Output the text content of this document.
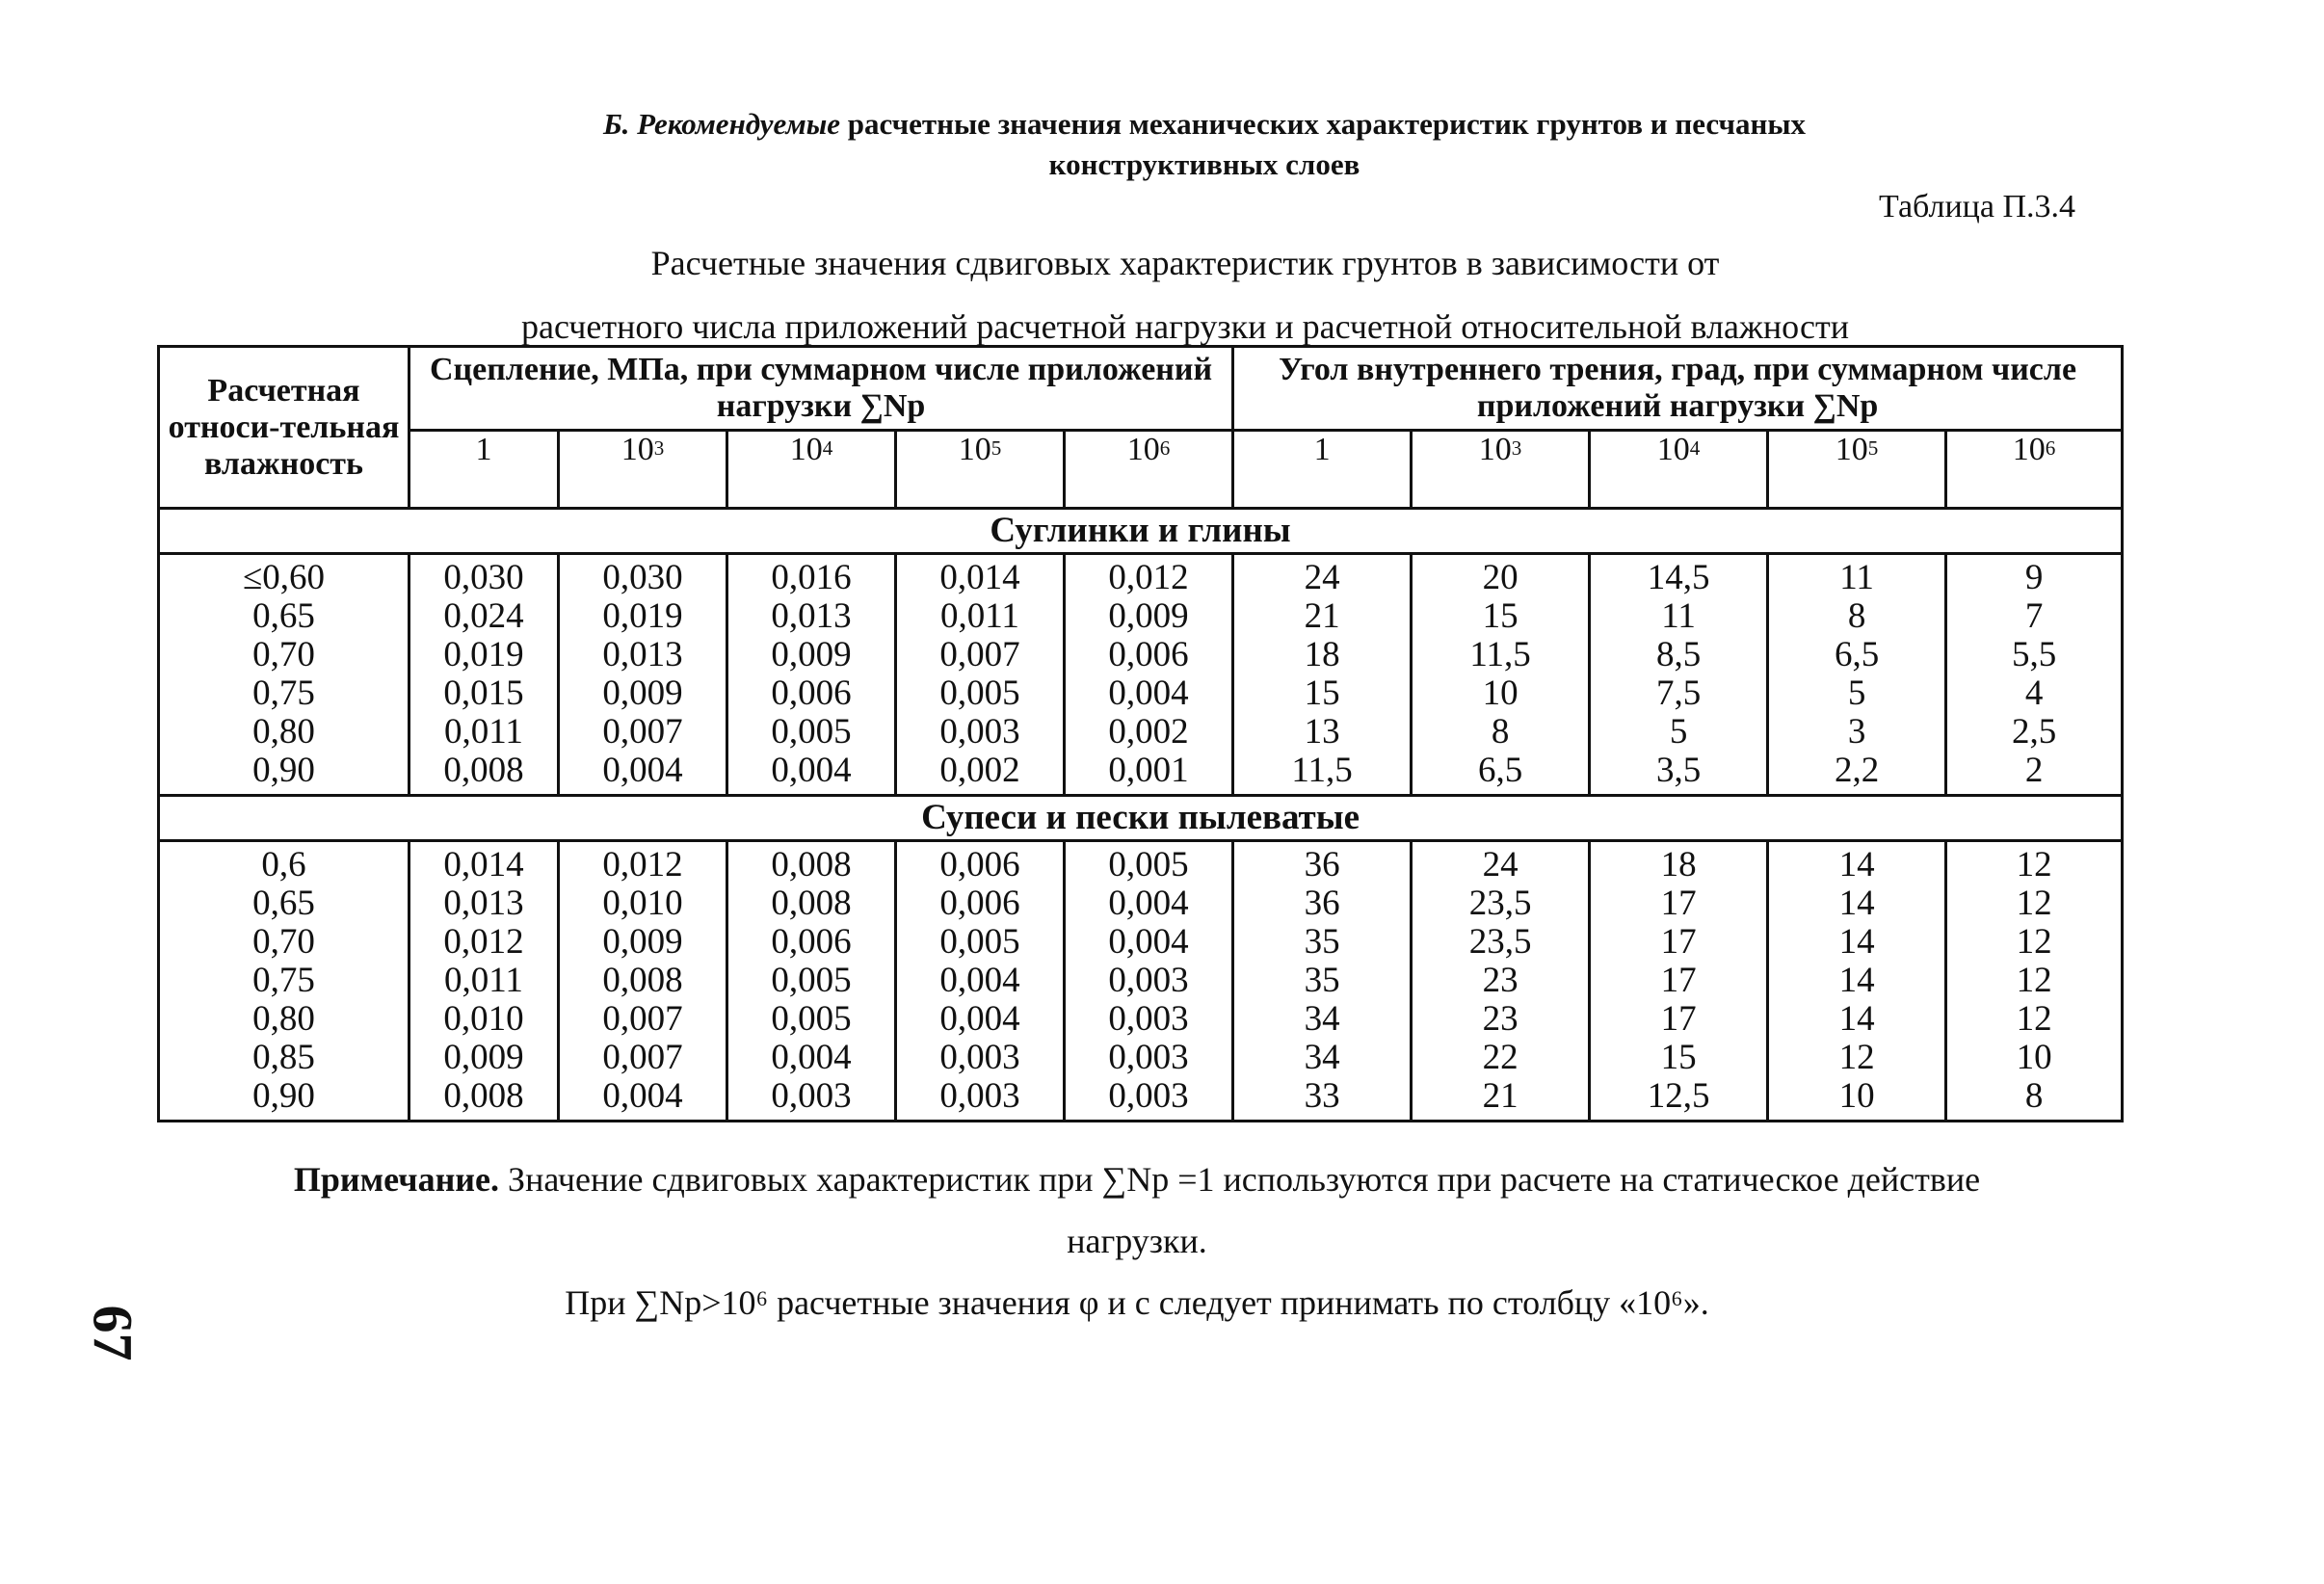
Б. Рекомендуемые расчетные значения механических характеристик грунтов и песчаных
конструктивных слоев
Таблица П.3.4
Расчетные значения сдвиговых характеристик грунтов в зависимости от
расчетного числа приложений расчетной нагрузки и расчетной относительной влажности
Расчетная относи-тельная влажность	Сцепление, МПа, при суммарном числе приложений нагрузки ∑Nр					Угол внутреннего трения, град, при суммарном числе приложений нагрузки ∑Nр				
	1	$10^3$	$10^4$	$10^5$	$10^6$	1	$10^3$	$10^4$	$10^5$	$10^6$
Суглинки и глины										
≤0,60	0,030	0,030	0,016	0,014	0,012	24	20	14,5	11	9
0,65	0,024	0,019	0,013	0,011	0,009	21	15	11	8	7
0,70	0,019	0,013	0,009	0,007	0,006	18	11,5	8,5	6,5	5,5
0,75	0,015	0,009	0,006	0,005	0,004	15	10	7,5	5	4
0,80	0,011	0,007	0,005	0,003	0,002	13	8	5	3	2,5
0,90	0,008	0,004	0,004	0,002	0,001	11,5	6,5	3,5	2,2	2
Супеси и пески пылеватые										
0,6	0,014	0,012	0,008	0,006	0,005	36	24	18	14	12
0,65	0,013	0,010	0,008	0,006	0,004	36	23,5	17	14	12
0,70	0,012	0,009	0,006	0,005	0,004	35	23,5	17	14	12
0,75	0,011	0,008	0,005	0,004	0,003	35	23	17	14	12
0,80	0,010	0,007	0,005	0,004	0,003	34	23	17	14	12
0,85	0,009	0,007	0,004	0,003	0,003	34	22	15	12	10
0,90	0,008	0,004	0,003	0,003	0,003	33	21	12,5	10	8
Примечание. Значение сдвиговых характеристик при ∑Nр =1 используются при расчете на статическое действие
нагрузки.
При ∑Nр>10⁶ расчетные значения φ и с следует принимать по столбцу «10⁶».
67
